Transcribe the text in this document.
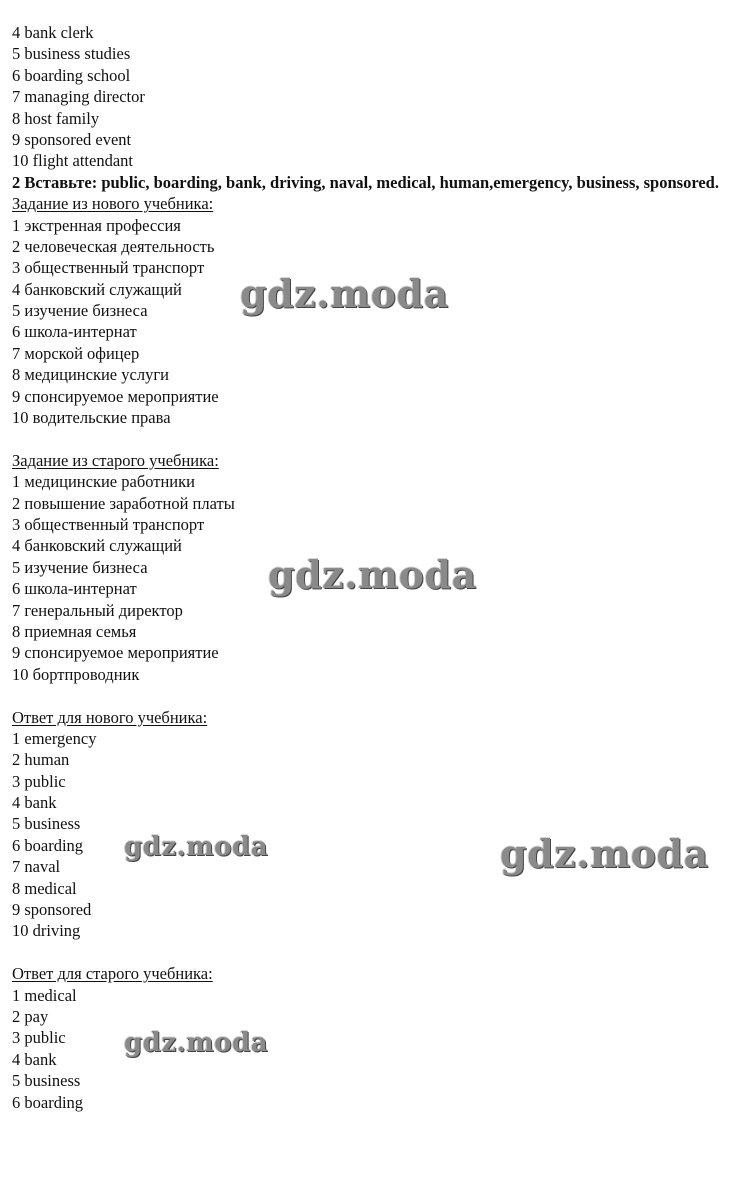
4 bank clerk
5 business studies
6 boarding school
7 managing director
8 host family
9 sponsored event
10 flight attendant
2 Вставьте: public, boarding, bank, driving, naval, medical, human,emergency, business, sponsored.
Задание из нового учебника:
1 экстренная профессия
2 человеческая деятельность
3 общественный транспорт
4 банковский служащий
5 изучение бизнеса
6 школа-интернат
7 морской офицер
8 медицинские услуги
9 спонсируемое мероприятие
10 водительские права
Задание из старого учебника:
1 медицинские работники
2 повышение заработной платы
3 общественный транспорт
4 банковский служащий
5 изучение бизнеса
6 школа-интернат
7 генеральный директор
8 приемная семья
9 спонсируемое мероприятие
10 бортпроводник
Ответ для нового учебника:
1 emergency
2 human
3 public
4 bank
5 business
6 boarding
7 naval
8 medical
9 sponsored
10 driving
Ответ для старого учебника:
1 medical
2 pay
3 public
4 bank
5 business
6 boarding
gdz.moda
gdz.moda
gdz.moda	gdz.moda
gdz.moda
